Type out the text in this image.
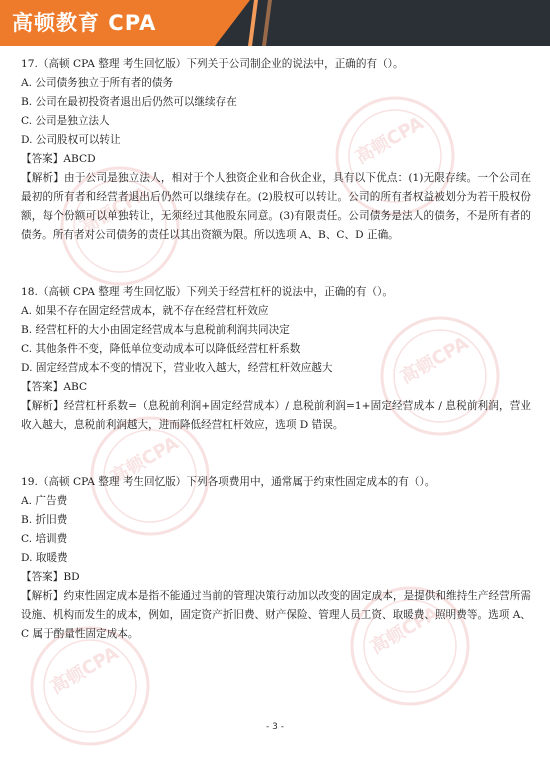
高顿教育 CPA
高顿CPA
高顿CPA
高顿CPA
高顿CPA
高顿CPA
高顿CPA
17.（高顿 CPA 整理 考生回忆版）下列关于公司制企业的说法中，正确的有（）。
A. 公司债务独立于所有者的债务
B. 公司在最初投资者退出后仍然可以继续存在
C. 公司是独立法人
D. 公司股权可以转让
【答案】ABCD
【解析】由于公司是独立法人，相对于个人独资企业和合伙企业，具有以下优点：(1)无限存续。一个公司在最初的所有者和经营者退出后仍然可以继续存在。(2)股权可以转让。公司的所有者权益被划分为若干股权份额，每个份额可以单独转让，无须经过其他股东同意。(3)有限责任。公司债务是法人的债务，不是所有者的债务。所有者对公司债务的责任以其出资额为限。所以选项 A、B、C、D 正确。
18.（高顿 CPA 整理 考生回忆版）下列关于经营杠杆的说法中，正确的有（）。
A. 如果不存在固定经营成本，就不存在经营杠杆效应
B. 经营杠杆的大小由固定经营成本与息税前利润共同决定
C. 其他条件不变，降低单位变动成本可以降低经营杠杆系数
D. 固定经营成本不变的情况下，营业收入越大，经营杠杆效应越大
【答案】ABC
【解析】经营杠杆系数=（息税前利润+固定经营成本）/ 息税前利润=1+固定经营成本 / 息税前利润，营业收入越大，息税前利润越大，进而降低经营杠杆效应，选项 D 错误。
19.（高顿 CPA 整理 考生回忆版）下列各项费用中，通常属于约束性固定成本的有（）。
A. 广告费
B. 折旧费
C. 培训费
D. 取暖费
【答案】BD
【解析】约束性固定成本是指不能通过当前的管理决策行动加以改变的固定成本，是提供和维持生产经营所需设施、机构而发生的成本，例如，固定资产折旧费、财产保险、管理人员工资、取暖费、照明费等。选项 A、C 属于酌量性固定成本。
- 3 -
